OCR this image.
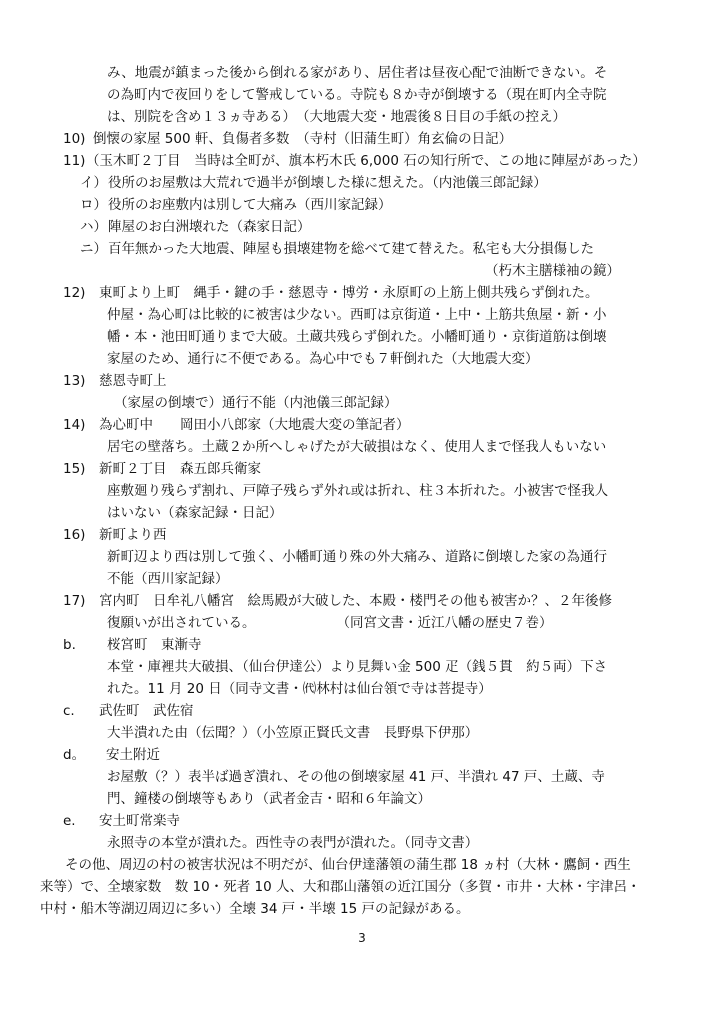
み、地震が鎮まった後から倒れる家があり、居住者は昼夜心配で油断できない。そ
の為町内で夜回りをして警戒している。寺院も８か寺が倒壊する（現在町内全寺院
は、別院を含め１３ヵ寺ある）　（大地震大変・地震後８日目の手紙の控え）
10) 倒懐の家屋 500 軒、負傷者多数　（寺村（旧蒲生町）角玄倫の日記）
11) （玉木町２丁目　当時は全町が、旗本朽木氏 6,000 石の知行所で、この地に陣屋があった）
イ） 役所のお屋敷は大荒れで過半が倒壊した様に想えた。（内池儀三郎記録）
ロ） 役所のお座敷内は別して大痛み（西川家記録）
ハ） 陣屋のお白洲壊れた（森家日記）
ニ） 百年無かった大地震、陣屋も損壊建物を総べて建て替えた。私宅も大分損傷した
（朽木主膳様袖の鏡）
12) 東町より上町　縄手・鍵の手・慈恩寺・博労・永原町の上筋上側共残らず倒れた。
仲屋・為心町は比較的に被害は少ない。西町は京街道・上中・上筋共魚屋・新・小
幡・本・池田町通りまで大破。土蔵共残らず倒れた。小幡町通り・京街道筋は倒壊
家屋のため、通行に不便である。為心中でも７軒倒れた（大地震大変）
13) 慈恩寺町上
（家屋の倒壊で）通行不能（内池儀三郎記録）
14) 為心町中　　岡田小八郎家（大地震大変の筆記者）
居宅の壁落ち。土蔵２か所へしゃげたが大破損はなく、使用人まで怪我人もいない
15) 新町２丁目　森五郎兵衛家
座敷廻り残らず割れ、戸障子残らず外れ或は折れ、柱３本折れた。小被害で怪我人
はいない（森家記録・日記）
16) 新町より西
新町辺より西は別して強く、小幡町通り殊の外大痛み、道路に倒壊した家の為通行
不能（西川家記録）
17) 宮内町　日牟礼八幡宮　絵馬殿が大破した、本殿・楼門その他も被害か？、２年後修
復願いが出されている。　　　　　　　（同宮文書・近江八幡の歴史７巻）
b. 桜宮町　東漸寺
本堂・庫裡共大破損、（仙台伊達公）より見舞い金 500 疋（銭５貫　約５両）下さ
れた。11 月 20 日（同寺文書・㈹林村は仙台領で寺は菩提寺）
c. 武佐町　武佐宿
大半潰れた由（伝聞？）（小笠原正賢氏文書　長野県下伊那）
d。 安土附近
お屋敷（？）表半ば過ぎ潰れ、その他の倒壊家屋 41 戸、半潰れ 47 戸、土蔵、寺
門、鐘楼の倒壊等もあり（武者金吉・昭和６年論文）
e. 安土町常楽寺
永照寺の本堂が潰れた。西性寺の表門が潰れた。（同寺文書）
その他、周辺の村の被害状況は不明だが、仙台伊達藩領の蒲生郡 18 ヵ村（大林・鷹飼・西生
来等）で、全壊家数　数 10・死者 10 人、大和郡山藩領の近江国分（多賀・市井・大林・宇津呂・
中村・船木等湖辺周辺に多い）全壊 34 戸・半壊 15 戸の記録がある。
3
